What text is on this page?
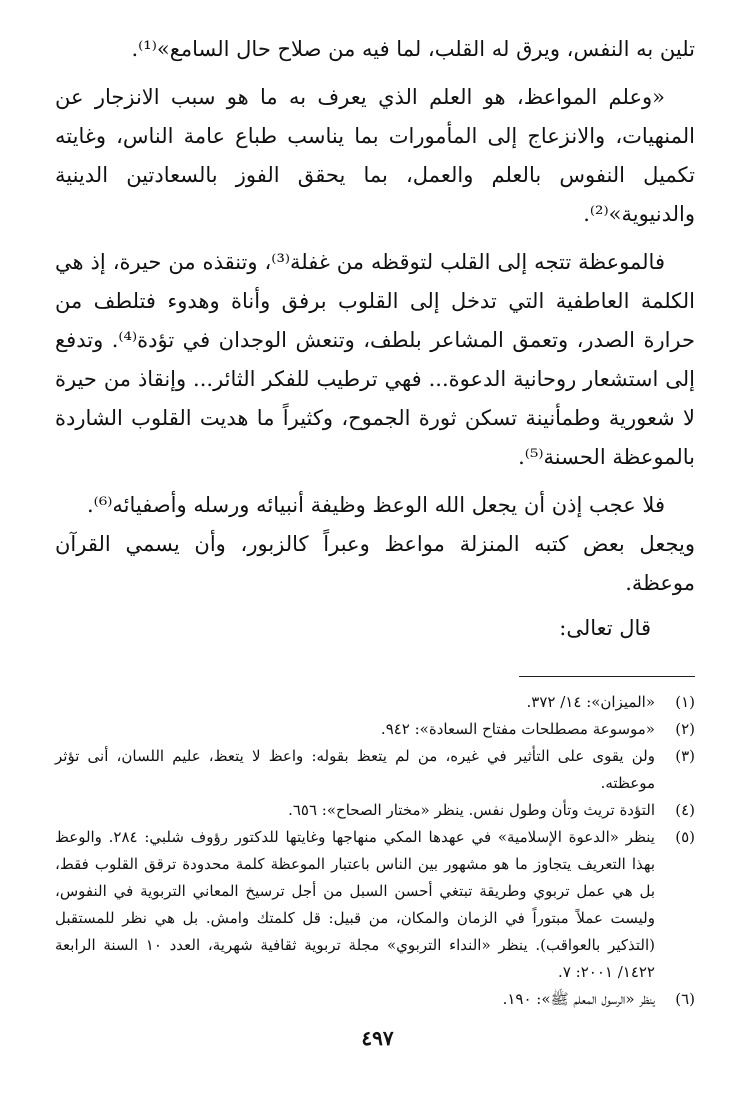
تلين به النفس، ويرق له القلب، لما فيه من صلاح حال السامع»⁽¹⁾.

«وعلم المواعظ، هو العلم الذي يعرف به ما هو سبب الانزجار عن المنهيات، والانزعاج إلى المأمورات بما يناسب طباع عامة الناس، وغايته تكميل النفوس بالعلم والعمل، بما يحقق الفوز بالسعادتين الدينية والدنيوية»⁽²⁾.

فالموعظة تتجه إلى القلب لتوقظه من غفلة⁽³⁾، وتنقذه من حيرة، إذ هي الكلمة العاطفية التي تدخل إلى القلوب برفق وأناة وهدوء فتلطف من حرارة الصدر، وتعمق المشاعر بلطف، وتنعش الوجدان في تؤدة⁽⁴⁾. وتدفع إلى استشعار روحانية الدعوة... فهي ترطيب للفكر الثائر... وإنقاذ من حيرة لا شعورية وطمأنينة تسكن ثورة الجموح، وكثيراً ما هديت القلوب الشاردة بالموعظة الحسنة⁽⁵⁾.

فلا عجب إذن أن يجعل الله الوعظ وظيفة أنبيائه ورسله وأصفيائه⁽⁶⁾.

ويجعل بعض كتبه المنزلة مواعظ وعبراً كالزبور، وأن يسمي القرآن موعظة.

قال تعالى:

(١)
«الميزان»: ١٤/ ٣٧٢.
(٢)
«موسوعة مصطلحات مفتاح السعادة»: ٩٤٢.
(٣)
ولن يقوى على التأثير في غيره، من لم يتعظ بقوله: واعظ لا يتعظ، عليم اللسان، أنى تؤثر موعظته.
(٤)
التؤدة تريث وتأن وطول نفس. ينظر «مختار الصحاح»: ٦٥٦.
(٥)
ينظر «الدعوة الإسلامية» في عهدها المكي منهاجها وغايتها للدكتور رؤوف شلبي: ٢٨٤. والوعظ بهذا التعريف يتجاوز ما هو مشهور بين الناس باعتبار الموعظة كلمة محدودة ترقق القلوب فقط، بل هي عمل تربوي وطريقة تبتغي أحسن السبل من أجل ترسيخ المعاني التربوية في النفوس، وليست عملاً مبتوراً في الزمان والمكان، من قبيل: قل كلمتك وامش. بل هي نظر للمستقبل (التذكير بالعواقب). ينظر «النداء التربوي» مجلة تربوية ثقافية شهرية، العدد ١٠ السنة الرابعة ١٤٢٢/ ٢٠٠١: ٧.
(٦)
ينظر «الرسول المعلم ﷺ»: ١٩٠.
٤٩٧
